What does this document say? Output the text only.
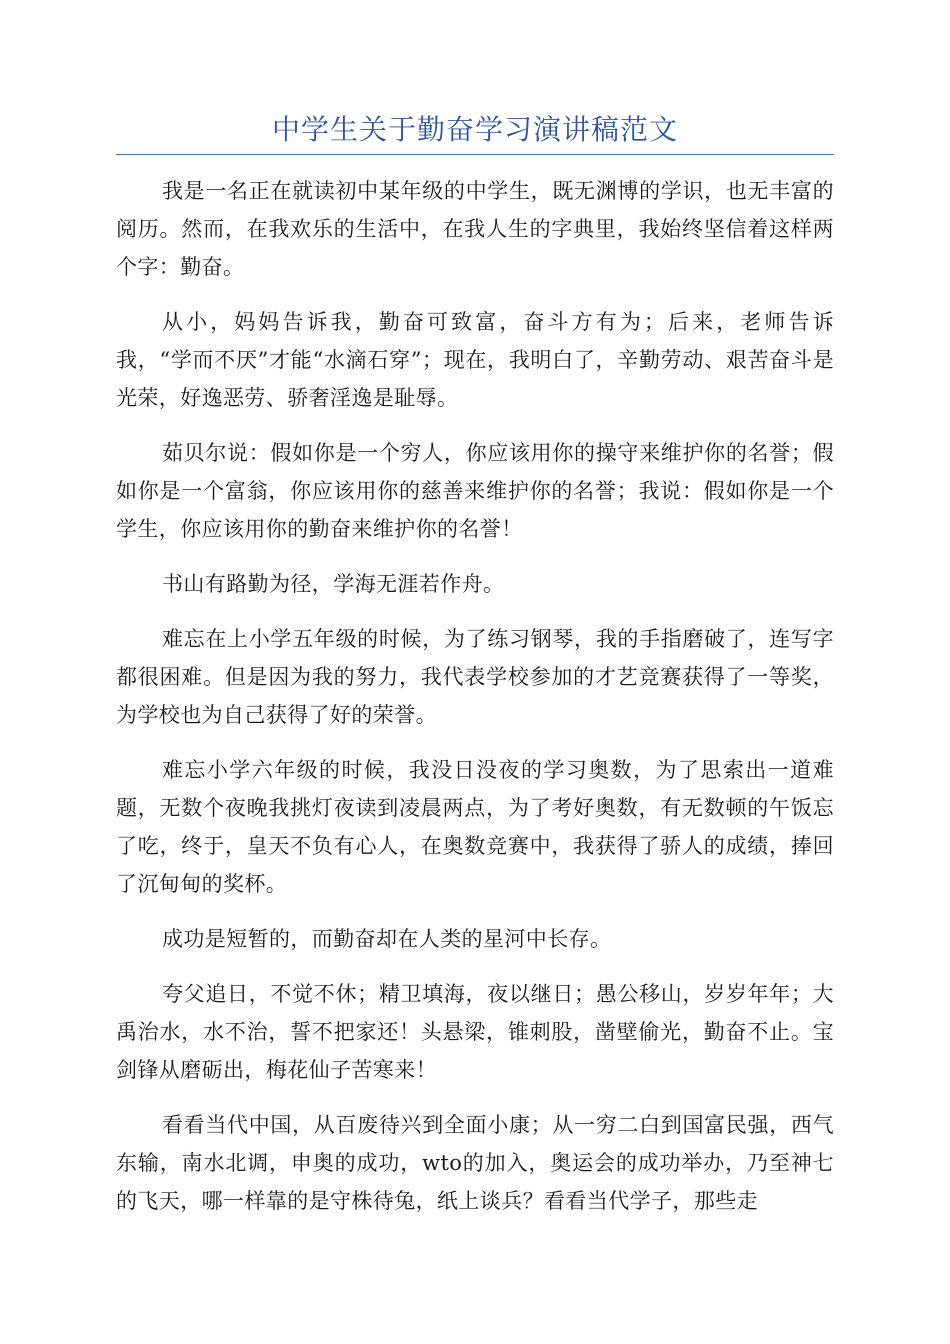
中学生关于勤奋学习演讲稿范文

我是一名正在就读初中某年级的中学生，既无渊博的学识，也无丰富的阅历。然而，在我欢乐的生活中，在我人生的字典里，我始终坚信着这样两个字：勤奋。

从小，妈妈告诉我，勤奋可致富，奋斗方有为；后来，老师告诉我，“学而不厌”才能“水滴石穿”；现在，我明白了，辛勤劳动、艰苦奋斗是光荣，好逸恶劳、骄奢淫逸是耻辱。

茹贝尔说：假如你是一个穷人，你应该用你的操守来维护你的名誉；假如你是一个富翁，你应该用你的慈善来维护你的名誉；我说：假如你是一个学生，你应该用你的勤奋来维护你的名誉！

书山有路勤为径，学海无涯若作舟。

难忘在上小学五年级的时候，为了练习钢琴，我的手指磨破了，连写字都很困难。但是因为我的努力，我代表学校参加的才艺竞赛获得了一等奖，为学校也为自己获得了好的荣誉。

难忘小学六年级的时候，我没日没夜的学习奥数，为了思索出一道难题，无数个夜晚我挑灯夜读到凌晨两点，为了考好奥数，有无数顿的午饭忘了吃，终于，皇天不负有心人，在奥数竞赛中，我获得了骄人的成绩，捧回了沉甸甸的奖杯。

成功是短暂的，而勤奋却在人类的星河中长存。

夸父追日，不觉不休；精卫填海，夜以继日；愚公移山，岁岁年年；大禹治水，水不治，誓不把家还！头悬梁，锥刺股，凿壁偷光，勤奋不止。宝剑锋从磨砺出，梅花仙子苦寒来！

看看当代中国，从百废待兴到全面小康；从一穷二白到国富民强，西气东输，南水北调，申奥的成功，wto的加入，奥运会的成功举办，乃至神七的飞天，哪一样靠的是守株待兔，纸上谈兵？看看当代学子，那些走
